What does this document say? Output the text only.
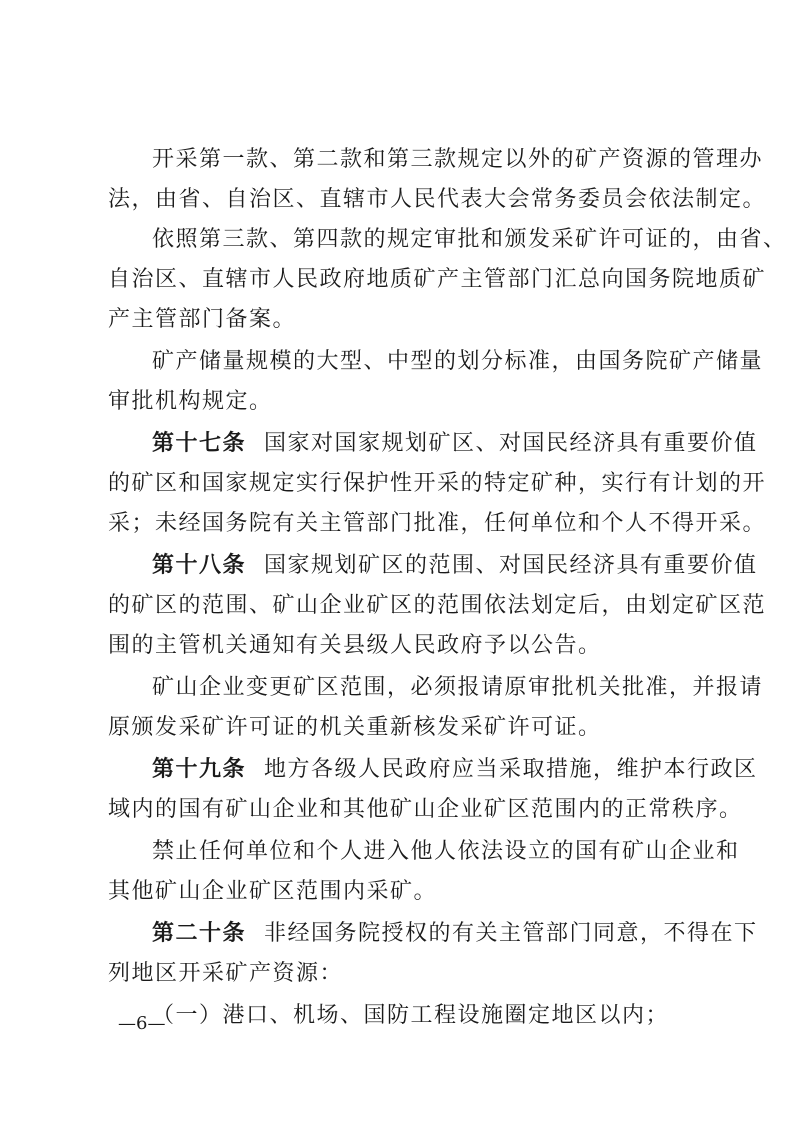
开采第一款、第二款和第三款规定以外的矿产资源的管理办
法，由省、自治区、直辖市人民代表大会常务委员会依法制定。
依照第三款、第四款的规定审批和颁发采矿许可证的，由省、
自治区、直辖市人民政府地质矿产主管部门汇总向国务院地质矿
产主管部门备案。
矿产储量规模的大型、中型的划分标准，由国务院矿产储量
审批机构规定。
第十七条 国家对国家规划矿区、对国民经济具有重要价值
的矿区和国家规定实行保护性开采的特定矿种，实行有计划的开
采；未经国务院有关主管部门批准，任何单位和个人不得开采。
第十八条 国家规划矿区的范围、对国民经济具有重要价值
的矿区的范围、矿山企业矿区的范围依法划定后，由划定矿区范
围的主管机关通知有关县级人民政府予以公告。
矿山企业变更矿区范围，必须报请原审批机关批准，并报请
原颁发采矿许可证的机关重新核发采矿许可证。
第十九条 地方各级人民政府应当采取措施，维护本行政区
域内的国有矿山企业和其他矿山企业矿区范围内的正常秩序。
禁止任何单位和个人进入他人依法设立的国有矿山企业和
其他矿山企业矿区范围内采矿。
第二十条 非经国务院授权的有关主管部门同意，不得在下
列地区开采矿产资源：
（一）港口、机场、国防工程设施圈定地区以内；
—6—
